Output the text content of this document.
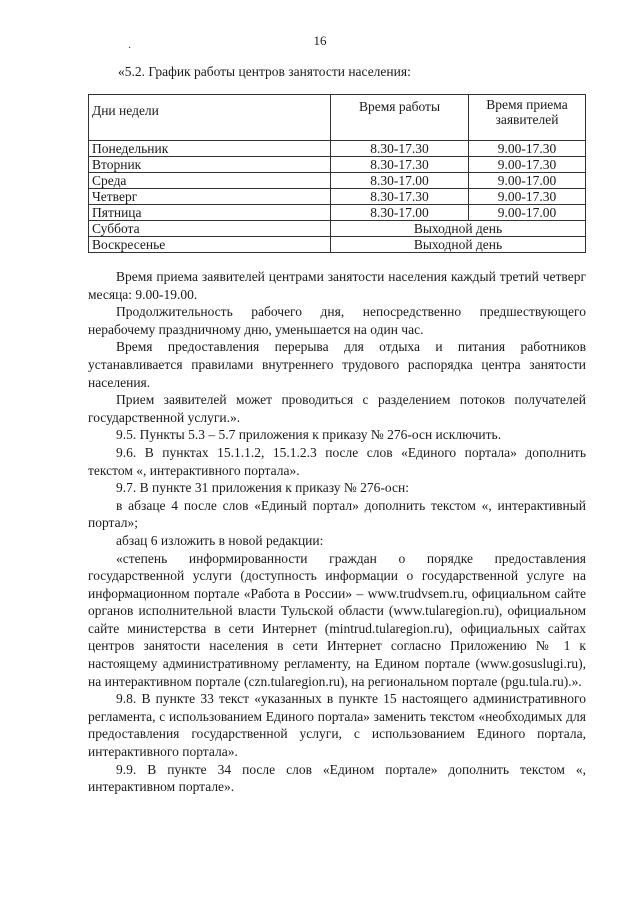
16
·
«5.2. График работы центров занятости населения:
Дни недели	Время работы	Время приема заявителей
Понедельник	8.30-17.30	9.00-17.30
Вторник	8.30-17.30	9.00-17.30
Среда	8.30-17.00	9.00-17.00
Четверг	8.30-17.30	9.00-17.30
Пятница	8.30-17.00	9.00-17.00
Суббота	Выходной день	
Воскресенье	Выходной день	

Время приема заявителей центрами занятости населения каждый третий четверг месяца: 9.00-19.00.

Продолжительность рабочего дня, непосредственно предшествующего нерабочему праздничному дню, уменьшается на один час.

Время предоставления перерыва для отдыха и питания работников устанавливается правилами внутреннего трудового распорядка центра занятости населения.

Прием заявителей может проводиться с разделением потоков получателей государственной услуги.».

9.5. Пункты 5.3 – 5.7 приложения к приказу № 276-осн исключить.

9.6. В пунктах 15.1.1.2, 15.1.2.3 после слов «Единого портала» дополнить текстом «, интерактивного портала».

9.7. В пункте 31 приложения к приказу № 276-осн:

в абзаце 4 после слов «Единый портал» дополнить текстом «, интерактивный портал»;

абзац 6 изложить в новой редакции:

«степень информированности граждан о порядке предоставления государственной услуги (доступность информации о государственной услуге на информационном портале «Работа в России» – www.trudvsem.ru, официальном сайте органов исполнительной власти Тульской области (www.tularegion.ru), официальном сайте министерства в сети Интернет (mintrud.tularegion.ru), официальных сайтах центров занятости населения в сети Интернет согласно Приложению № 1 к настоящему административному регламенту, на Едином портале (www.gosuslugi.ru), на интерактивном портале (czn.tularegion.ru), на региональном портале (pgu.tula.ru).».

9.8. В пункте 33 текст «указанных в пункте 15 настоящего административного регламента, с использованием Единого портала» заменить текстом «необходимых для предоставления государственной услуги, с использованием Единого портала, интерактивного портала».

9.9. В пункте 34 после слов «Едином портале» дополнить текстом «, интерактивном портале».
